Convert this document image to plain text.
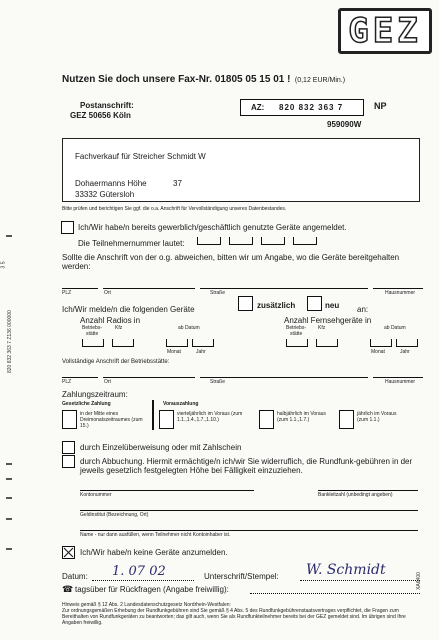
GEZ
Nutzen Sie doch unsere Fax-Nr. 01805 05 15 01 ! (0,12 EUR/Min.)
Postanschrift:
GEZ 50656 Köln
AZ: 820 832 363 7	NP
959090W
Fachverkauf für Streicher Schmidt W
Dohaermanns Höhe	37
33332 Gütersloh
Bitte prüfen und berichtigen Sie ggf. die o.a. Anschrift für Vervollständigung unseres Datenbestandes.
Ich/Wir habe/n bereits gewerblich/geschäftlich genutzte Geräte angemeldet.
Die Teilnehmernummer lautet:
Sollte die Anschrift von der o.g. abweichen, bitten wir um Angabe, wo die Geräte bereitgehalten werden:
PLZ	Ort	Straße	Hausnummer
Ich/Wir melde/n die folgenden Geräte	zusätzlich	neu an:
Anzahl Radios in	Anzahl Fernsehgeräte in
Betriebs-
stätte
Kfz	ab Datum	Betriebs-
stätte
Kfz	ab Datum
Monat	Jahr	Monat	Jahr
Vollständige Anschrift der Betriebsstätte:
PLZ	Ort	Straße	Hausnummer
Zahlungszeitraum:
Gesetzliche Zahlung	Vorauszahlung
in der Mitte eines Dreimonatszeitraumes (zum 15.)
vierteljährlich im Voraus (zum 1.1.,1.4.,1.7.,1.10.)
halbjährlich im Voraus (zum 1.1.,1.7.)
jährlich im Voraus (zum 1.1.)
durch Einzelüberweisung oder mit Zahlschein
durch Abbuchung. Hiermit ermächtige/n ich/wir Sie widerruflich, die Rundfunk-gebühren in der jeweils gesetzlich festgelegten Höhe bei Fälligkeit einzuziehen.
Kontonummer	Bankleitzahl (unbedingt angeben)
Geldinstitut (Bezeichnung, Ort)
Name - nur dann ausfüllen, wenn Teilnehmer nicht Kontoinhaber ist.
Ich/Wir habe/n keine Geräte anzumelden.
Datum: 1. 07 02	Unterschrift/Stempel: W. Schmidt
☎ tagsüber für Rückfragen (Angabe freiwillig):
Hinweis gemäß § 12 Abs. 2 Landesdatenschutzgesetz Nordrhein-Westfalen:
Zur ordnungsgemäßen Erhebung der Rundfunkgebühren sind Sie gemäß § 4 Abs. 5 des Rundfunkgebührenstaatsvertrages verpflichtet, die Fragen zum Bereithalten von Rundfunkgeräten zu beantworten; das gilt auch, wenn Sie als Rundfunkteilnehmer bereits bei der GEZ gemeldet sind. Im übrigen sind Ihre Angaben freiwillig.
820 832 363 7 Z136 000000
3 5
XA6400
